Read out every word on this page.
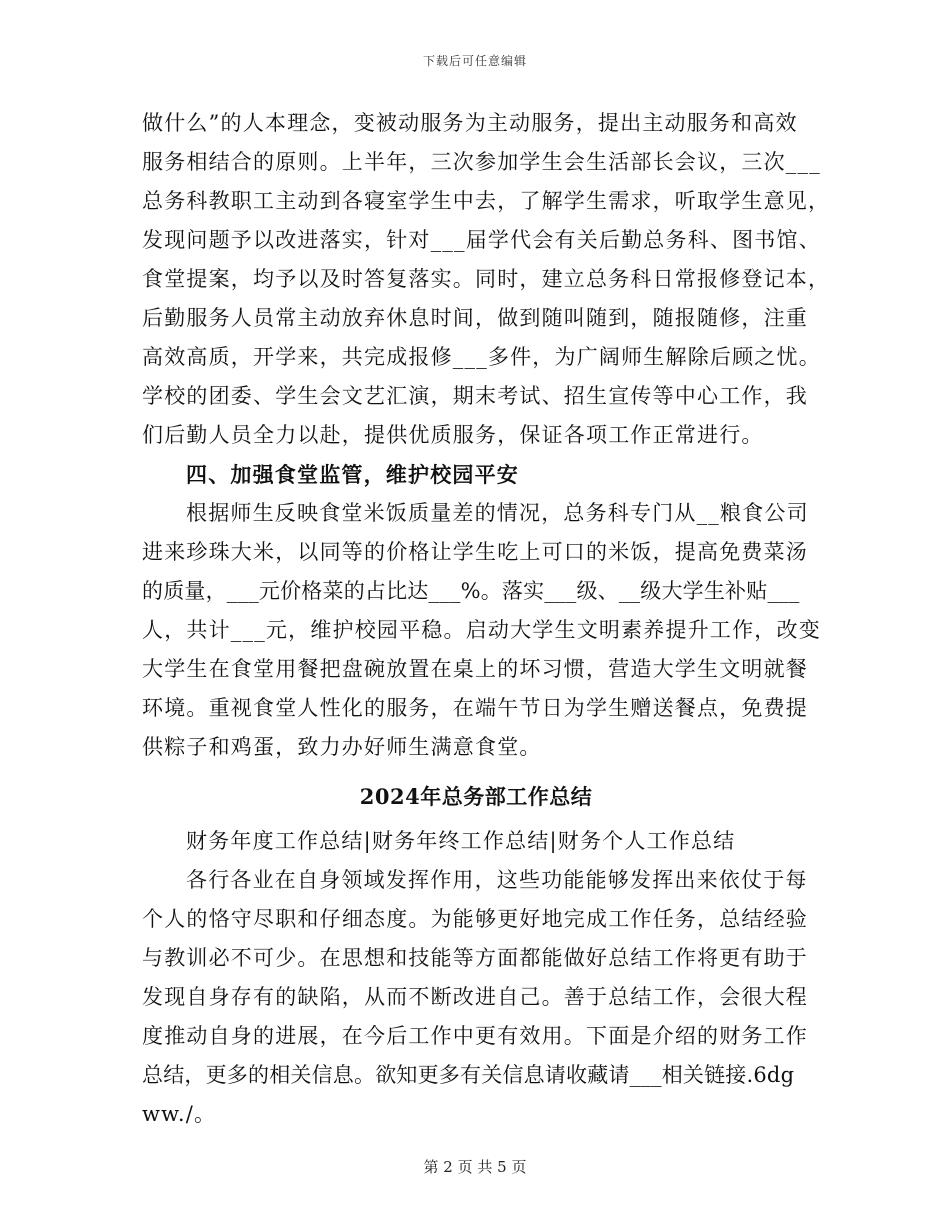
下载后可任意编辑
做什么”的人本理念，变被动服务为主动服务，提出主动服务和高效
服务相结合的原则。上半年，三次参加学生会生活部长会议，三次___
总务科教职工主动到各寝室学生中去，了解学生需求，听取学生意见，
发现问题予以改进落实，针对___届学代会有关后勤总务科、图书馆、
食堂提案，均予以及时答复落实。同时，建立总务科日常报修登记本，
后勤服务人员常主动放弃休息时间，做到随叫随到，随报随修，注重
高效高质，开学来，共完成报修___多件，为广阔师生解除后顾之忧。
学校的团委、学生会文艺汇演，期末考试、招生宣传等中心工作，我
们后勤人员全力以赴，提供优质服务，保证各项工作正常进行。
四、加强食堂监管，维护校园平安
根据师生反映食堂米饭质量差的情况，总务科专门从__粮食公司
进来珍珠大米，以同等的价格让学生吃上可口的米饭，提高免费菜汤
的质量，___元价格菜的占比达___%。落实___级、__级大学生补贴___
人，共计___元，维护校园平稳。启动大学生文明素养提升工作，改变
大学生在食堂用餐把盘碗放置在桌上的坏习惯，营造大学生文明就餐
环境。重视食堂人性化的服务，在端午节日为学生赠送餐点，免费提
供粽子和鸡蛋，致力办好师生满意食堂。
2024年总务部工作总结
财务年度工作总结|财务年终工作总结|财务个人工作总结
各行各业在自身领域发挥作用，这些功能能够发挥出来依仗于每
个人的恪守尽职和仔细态度。为能够更好地完成工作任务，总结经验
与教训必不可少。在思想和技能等方面都能做好总结工作将更有助于
发现自身存有的缺陷，从而不断改进自己。善于总结工作，会很大程
度推动自身的进展，在今后工作中更有效用。下面是介绍的财务工作
总结，更多的相关信息。欲知更多有关信息请收藏请___相关链接.6dg
ww./。
第 2 页 共 5 页
